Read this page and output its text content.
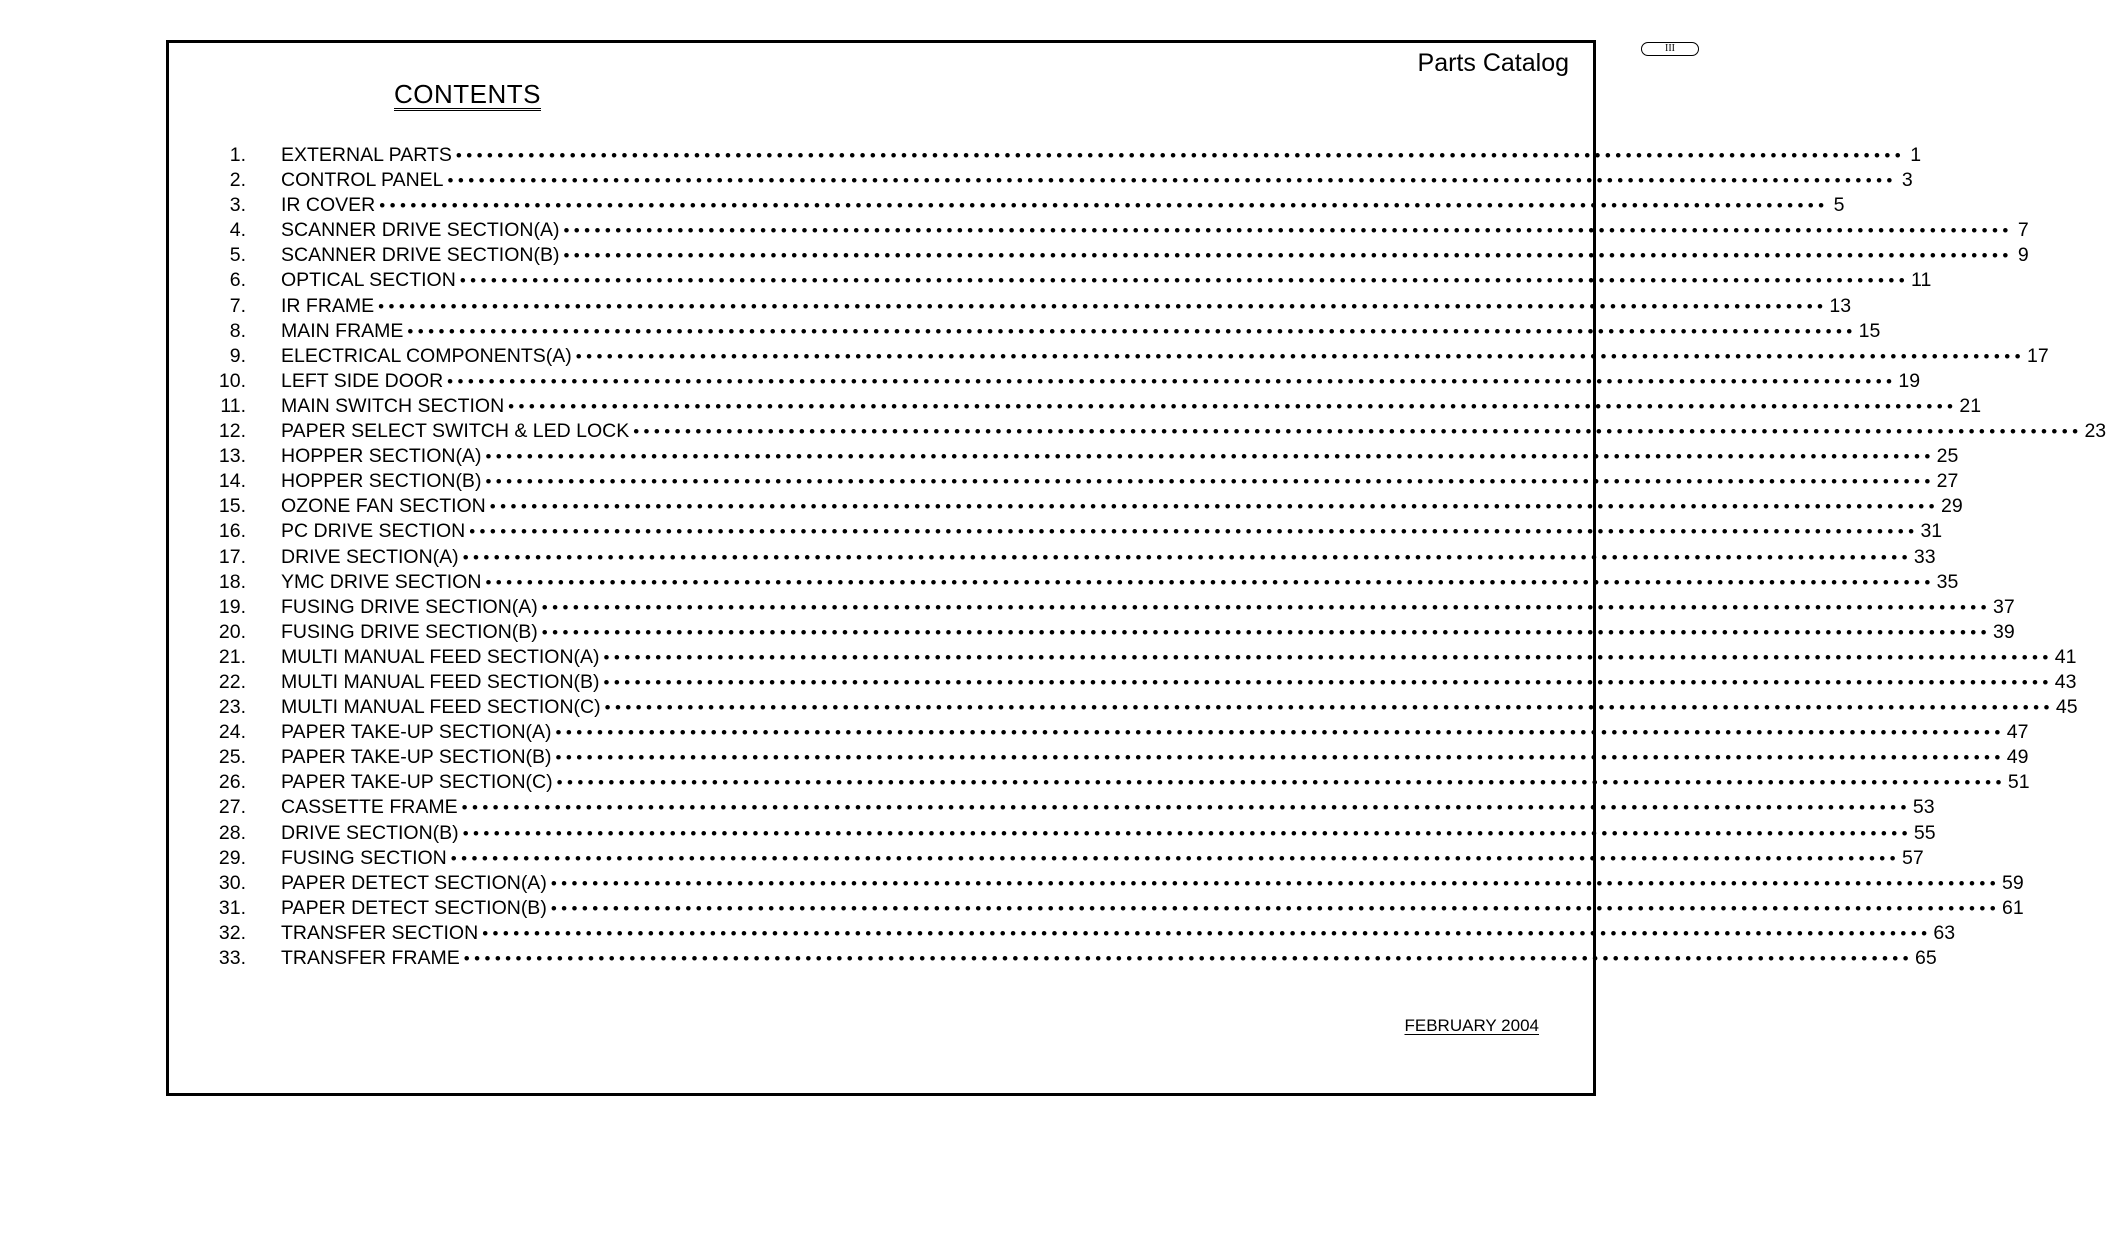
III
Parts Catalog
CONTENTS
1. EXTERNAL PARTS •••••••••••••••••••••••••••••••••••••••••••••••••••••••••••••••••••••••••••••••••••••••••••••••••••••••••••••••••••••••••••••••••••••••••••• 1
2. CONTROL PANEL •••••••••••••••••••••••••••••••••••••••••••••••••••••••••••••••••••••••••••••••••••••••••••••••••••••••••••••••••••••••••••••••••••••••••••• 3
3. IR COVER •••••••••••••••••••••••••••••••••••••••••••••••••••••••••••••••••••••••••••••••••••••••••••••••••••••••••••••••••••••••••••••••••••••••••••• 5
4. SCANNER DRIVE SECTION(A) •••••••••••••••••••••••••••••••••••••••••••••••••••••••••••••••••••••••••••••••••••••••••••••••••••••••••••••••••••••••••••••••••••••••••••• 7
5. SCANNER DRIVE SECTION(B) •••••••••••••••••••••••••••••••••••••••••••••••••••••••••••••••••••••••••••••••••••••••••••••••••••••••••••••••••••••••••••••••••••••••••••• 9
6. OPTICAL SECTION •••••••••••••••••••••••••••••••••••••••••••••••••••••••••••••••••••••••••••••••••••••••••••••••••••••••••••••••••••••••••••••••••••••••••••• 11
7. IR FRAME •••••••••••••••••••••••••••••••••••••••••••••••••••••••••••••••••••••••••••••••••••••••••••••••••••••••••••••••••••••••••••••••••••••••••••• 13
8. MAIN FRAME •••••••••••••••••••••••••••••••••••••••••••••••••••••••••••••••••••••••••••••••••••••••••••••••••••••••••••••••••••••••••••••••••••••••••••• 15
9. ELECTRICAL COMPONENTS(A) •••••••••••••••••••••••••••••••••••••••••••••••••••••••••••••••••••••••••••••••••••••••••••••••••••••••••••••••••••••••••••••••••••••••••••• 17
10. LEFT SIDE DOOR •••••••••••••••••••••••••••••••••••••••••••••••••••••••••••••••••••••••••••••••••••••••••••••••••••••••••••••••••••••••••••••••••••••••••••• 19
11. MAIN SWITCH SECTION •••••••••••••••••••••••••••••••••••••••••••••••••••••••••••••••••••••••••••••••••••••••••••••••••••••••••••••••••••••••••••••••••••••••••••• 21
12. PAPER SELECT SWITCH & LED LOCK •••••••••••••••••••••••••••••••••••••••••••••••••••••••••••••••••••••••••••••••••••••••••••••••••••••••••••••••••••••••••••••••••••••••••••• 23
13. HOPPER SECTION(A) •••••••••••••••••••••••••••••••••••••••••••••••••••••••••••••••••••••••••••••••••••••••••••••••••••••••••••••••••••••••••••••••••••••••••••• 25
14. HOPPER SECTION(B) •••••••••••••••••••••••••••••••••••••••••••••••••••••••••••••••••••••••••••••••••••••••••••••••••••••••••••••••••••••••••••••••••••••••••••• 27
15. OZONE FAN SECTION •••••••••••••••••••••••••••••••••••••••••••••••••••••••••••••••••••••••••••••••••••••••••••••••••••••••••••••••••••••••••••••••••••••••••••• 29
16. PC DRIVE SECTION •••••••••••••••••••••••••••••••••••••••••••••••••••••••••••••••••••••••••••••••••••••••••••••••••••••••••••••••••••••••••••••••••••••••••••• 31
17. DRIVE SECTION(A) •••••••••••••••••••••••••••••••••••••••••••••••••••••••••••••••••••••••••••••••••••••••••••••••••••••••••••••••••••••••••••••••••••••••••••• 33
18. YMC DRIVE SECTION •••••••••••••••••••••••••••••••••••••••••••••••••••••••••••••••••••••••••••••••••••••••••••••••••••••••••••••••••••••••••••••••••••••••••••• 35
19. FUSING DRIVE SECTION(A) •••••••••••••••••••••••••••••••••••••••••••••••••••••••••••••••••••••••••••••••••••••••••••••••••••••••••••••••••••••••••••••••••••••••••••• 37
20. FUSING DRIVE SECTION(B) •••••••••••••••••••••••••••••••••••••••••••••••••••••••••••••••••••••••••••••••••••••••••••••••••••••••••••••••••••••••••••••••••••••••••••• 39
21. MULTI MANUAL FEED SECTION(A) •••••••••••••••••••••••••••••••••••••••••••••••••••••••••••••••••••••••••••••••••••••••••••••••••••••••••••••••••••••••••••••••••••••••••••• 41
22. MULTI MANUAL FEED SECTION(B) •••••••••••••••••••••••••••••••••••••••••••••••••••••••••••••••••••••••••••••••••••••••••••••••••••••••••••••••••••••••••••••••••••••••••••• 43
23. MULTI MANUAL FEED SECTION(C) •••••••••••••••••••••••••••••••••••••••••••••••••••••••••••••••••••••••••••••••••••••••••••••••••••••••••••••••••••••••••••••••••••••••••••• 45
24. PAPER TAKE-UP SECTION(A) •••••••••••••••••••••••••••••••••••••••••••••••••••••••••••••••••••••••••••••••••••••••••••••••••••••••••••••••••••••••••••••••••••••••••••• 47
25. PAPER TAKE-UP SECTION(B) •••••••••••••••••••••••••••••••••••••••••••••••••••••••••••••••••••••••••••••••••••••••••••••••••••••••••••••••••••••••••••••••••••••••••••• 49
26. PAPER TAKE-UP SECTION(C) •••••••••••••••••••••••••••••••••••••••••••••••••••••••••••••••••••••••••••••••••••••••••••••••••••••••••••••••••••••••••••••••••••••••••••• 51
27. CASSETTE FRAME •••••••••••••••••••••••••••••••••••••••••••••••••••••••••••••••••••••••••••••••••••••••••••••••••••••••••••••••••••••••••••••••••••••••••••• 53
28. DRIVE SECTION(B) •••••••••••••••••••••••••••••••••••••••••••••••••••••••••••••••••••••••••••••••••••••••••••••••••••••••••••••••••••••••••••••••••••••••••••• 55
29. FUSING SECTION •••••••••••••••••••••••••••••••••••••••••••••••••••••••••••••••••••••••••••••••••••••••••••••••••••••••••••••••••••••••••••••••••••••••••••• 57
30. PAPER DETECT SECTION(A) •••••••••••••••••••••••••••••••••••••••••••••••••••••••••••••••••••••••••••••••••••••••••••••••••••••••••••••••••••••••••••••••••••••••••••• 59
31. PAPER DETECT SECTION(B) •••••••••••••••••••••••••••••••••••••••••••••••••••••••••••••••••••••••••••••••••••••••••••••••••••••••••••••••••••••••••••••••••••••••••••• 61
32. TRANSFER SECTION •••••••••••••••••••••••••••••••••••••••••••••••••••••••••••••••••••••••••••••••••••••••••••••••••••••••••••••••••••••••••••••••••••••••••••• 63
33. TRANSFER FRAME •••••••••••••••••••••••••••••••••••••••••••••••••••••••••••••••••••••••••••••••••••••••••••••••••••••••••••••••••••••••••••••••••••••••••••• 65
FEBRUARY 2004
